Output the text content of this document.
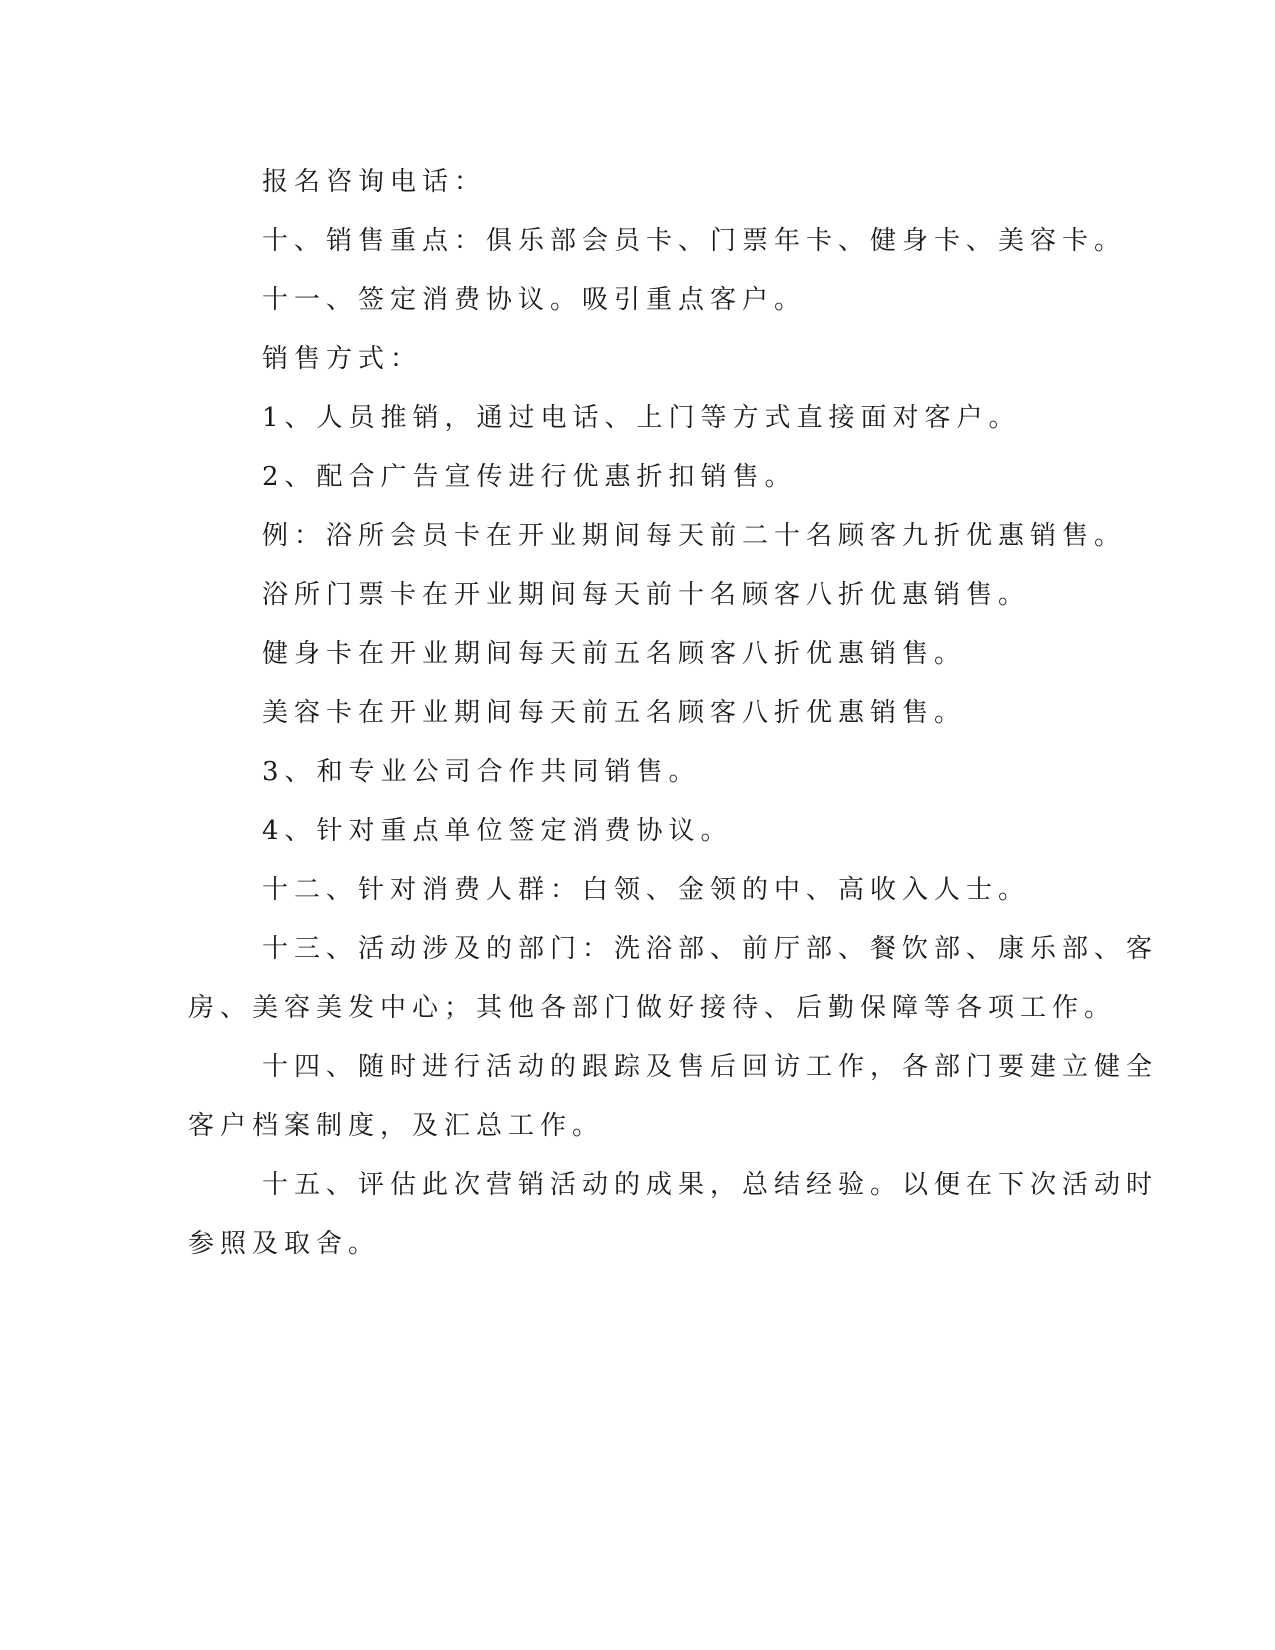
报名咨询电话：

十、销售重点：俱乐部会员卡、门票年卡、健身卡、美容卡。

十一、签定消费协议。吸引重点客户。

销售方式：

1、人员推销，通过电话、上门等方式直接面对客户。

2、配合广告宣传进行优惠折扣销售。

例：浴所会员卡在开业期间每天前二十名顾客九折优惠销售。

浴所门票卡在开业期间每天前十名顾客八折优惠销售。

健身卡在开业期间每天前五名顾客八折优惠销售。

美容卡在开业期间每天前五名顾客八折优惠销售。

3、和专业公司合作共同销售。

4、针对重点单位签定消费协议。

十二、针对消费人群：白领、金领的中、高收入人士。

十三、活动涉及的部门：洗浴部、前厅部、餐饮部、康乐部、客

房、美容美发中心；其他各部门做好接待、后勤保障等各项工作。

十四、随时进行活动的跟踪及售后回访工作，各部门要建立健全

客户档案制度，及汇总工作。

十五、评估此次营销活动的成果，总结经验。以便在下次活动时

参照及取舍。
